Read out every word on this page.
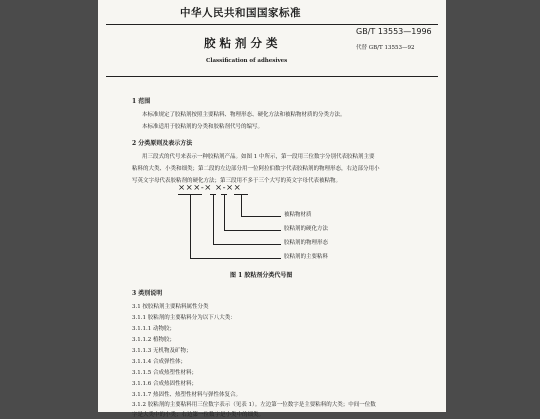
中华人民共和国国家标准
胶粘剂分类
GB/T 13553—1996
代替 GB/T 13553—92
Classification of adhesives
1 范围
本标准规定了胶粘剂按照主要粘料、物理形态、硬化方法和被粘物材质的分类方法。
本标准适用于胶粘剂的分类和胶粘剂代号的编写。
2 分类原则及表示方法
用三段式的代号来表示一种胶粘剂产品。如图 1 中所示，第一段用三位数字分别代表胶粘剂主要
粘料的大类、小类和细类；第二段的左边部分用一位阿拉伯数字代表胶粘剂的物理形态，右边部分用小
写英文字母代表胶粘剂的硬化方法；第三段用不多于三个大写的英文字母代表被粘物。
×××-× ×-××
被粘物材质
胶粘剂的硬化方法
胶粘剂的物理形态
胶粘剂的主要粘料
图 1 胶粘剂分类代号图
3 类别说明
3.1 按胶粘剂主要粘料属性分类
3.1.1 胶粘剂的主要粘料分为以下八大类：
3.1.1.1 动物胶；
3.1.1.2 植物胶；
3.1.1.3 无机物及矿物；
3.1.1.4 合成弹性体；
3.1.1.5 合成热塑性材料；
3.1.1.6 合成热固性材料；
3.1.1.7 热固性、热塑性材料与弹性体复合。
3.1.2 胶粘剂的主要粘料用三位数字表示（见表 1）。左边第一位数字是主要粘料的大类；中间一位数
字是大类中的小类；右边第一位数字是小类中的细类。
